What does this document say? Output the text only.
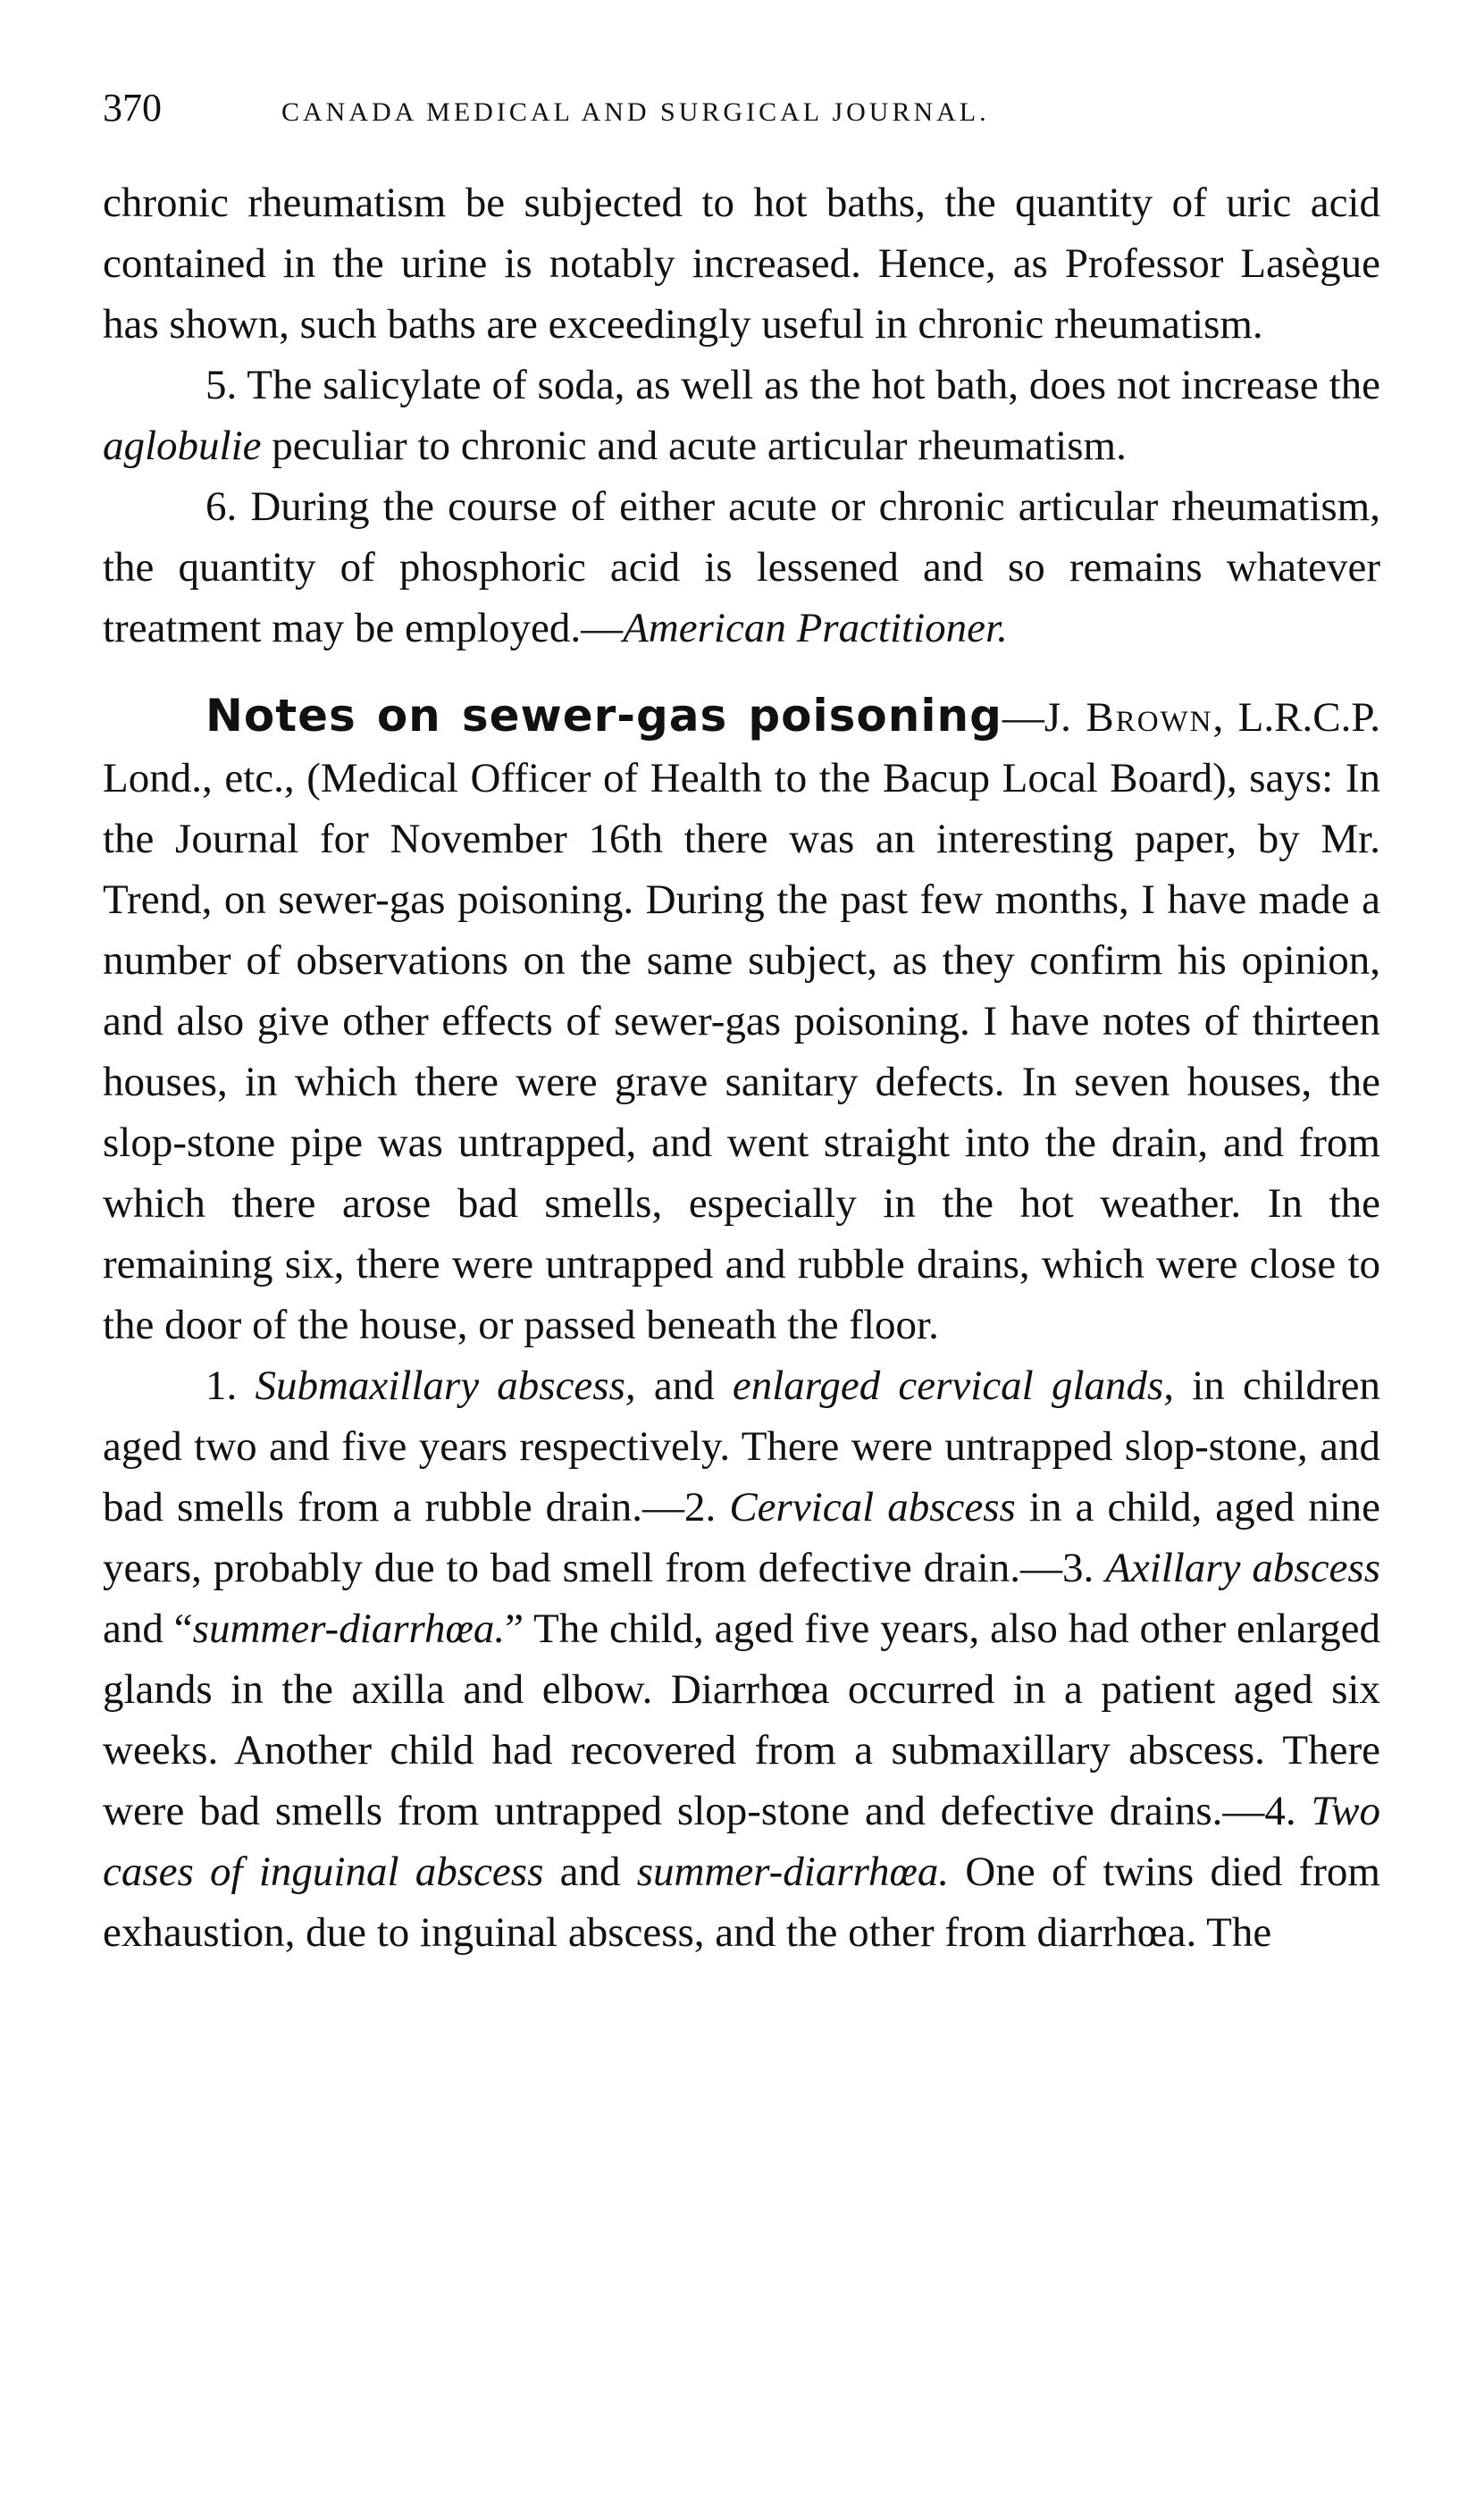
370	CANADA MEDICAL AND SURGICAL JOURNAL.

chronic rheumatism be subjected to hot baths, the quantity of uric acid contained in the urine is notably increased. Hence, as Professor Lasègue has shown, such baths are exceedingly useful in chronic rheumatism.

5. The salicylate of soda, as well as the hot bath, does not increase the aglobulie peculiar to chronic and acute articular rheumatism.

6. During the course of either acute or chronic articular rheumatism, the quantity of phosphoric acid is lessened and so remains whatever treatment may be employed.—American Practitioner.

Notes on sewer-gas poisoning—J. Brown, L.R.C.P. Lond., etc., (Medical Officer of Health to the Bacup Local Board), says: In the Journal for November 16th there was an interesting paper, by Mr. Trend, on sewer-gas poisoning. During the past few months, I have made a number of observations on the same subject, as they confirm his opinion, and also give other effects of sewer-gas poisoning. I have notes of thirteen houses, in which there were grave sanitary defects. In seven houses, the slop-stone pipe was untrapped, and went straight into the drain, and from which there arose bad smells, especially in the hot weather. In the remaining six, there were untrapped and rubble drains, which were close to the door of the house, or passed beneath the floor.

1. Submaxillary abscess, and enlarged cervical glands, in children aged two and five years respectively. There were untrapped slop-stone, and bad smells from a rubble drain.—2. Cervical abscess in a child, aged nine years, probably due to bad smell from defective drain.—3. Axillary abscess and “summer-diarrhœa.” The child, aged five years, also had other enlarged glands in the axilla and elbow. Diarrhœa occurred in a patient aged six weeks. Another child had recovered from a submaxillary abscess. There were bad smells from untrapped slop-stone and defective drains.—4. Two cases of inguinal abscess and summer-diarrhœa. One of twins died from exhaustion, due to inguinal abscess, and the other from diarrhœa. The
